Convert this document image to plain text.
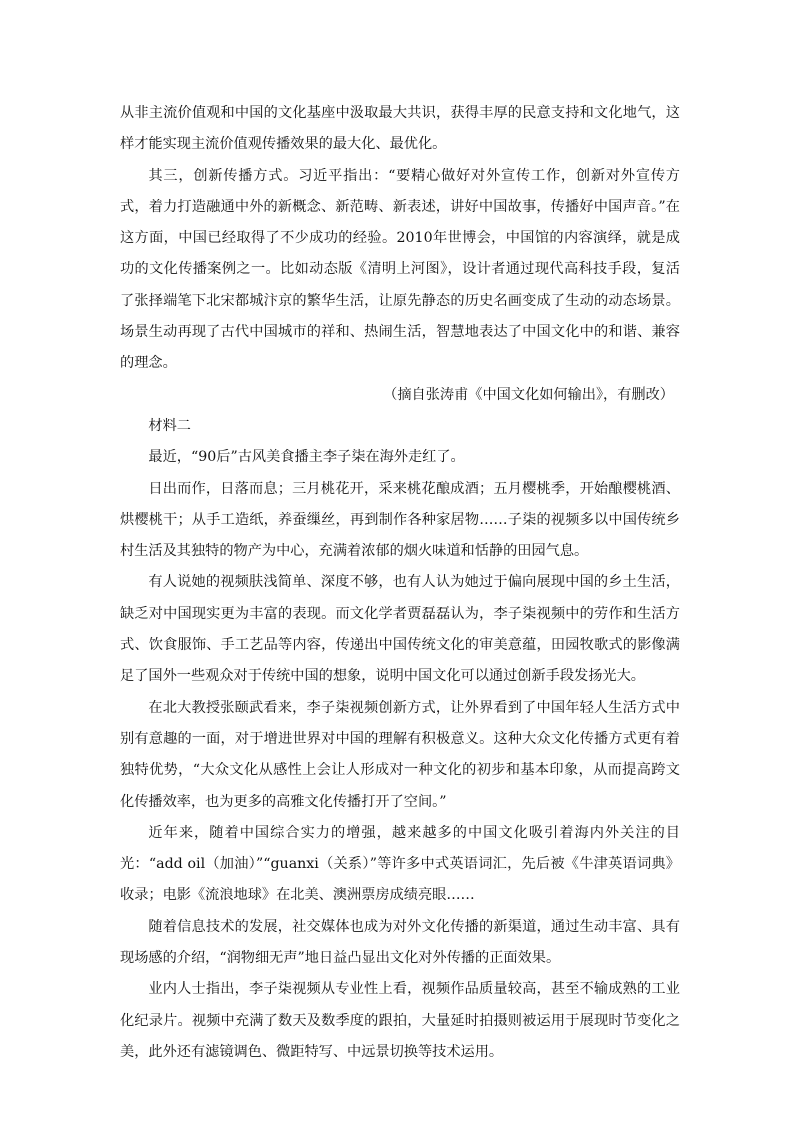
从非主流价值观和中国的文化基座中汲取最大共识，获得丰厚的民意支持和文化地气，这样才能实现主流价值观传播效果的最大化、最优化。

其三，创新传播方式。习近平指出：“要精心做好对外宣传工作，创新对外宣传方式，着力打造融通中外的新概念、新范畴、新表述，讲好中国故事，传播好中国声音。”在这方面，中国已经取得了不少成功的经验。2010年世博会，中国馆的内容演绎，就是成功的文化传播案例之一。比如动态版《清明上河图》，设计者通过现代高科技手段，复活了张择端笔下北宋都城汴京的繁华生活，让原先静态的历史名画变成了生动的动态场景。场景生动再现了古代中国城市的祥和、热闹生活，智慧地表达了中国文化中的和谐、兼容的理念。

（摘自张涛甫《中国文化如何输出》，有删改）

材料二

最近，“90后”古风美食播主李子柒在海外走红了。

日出而作，日落而息；三月桃花开，采来桃花酿成酒；五月樱桃季，开始酿樱桃酒、烘樱桃干；从手工造纸，养蚕缫丝，再到制作各种家居物……子柒的视频多以中国传统乡村生活及其独特的物产为中心，充满着浓郁的烟火味道和恬静的田园气息。

有人说她的视频肤浅简单、深度不够，也有人认为她过于偏向展现中国的乡土生活，缺乏对中国现实更为丰富的表现。而文化学者贾磊磊认为，李子柒视频中的劳作和生活方式、饮食服饰、手工艺品等内容，传递出中国传统文化的审美意蕴，田园牧歌式的影像满足了国外一些观众对于传统中国的想象，说明中国文化可以通过创新手段发扬光大。

在北大教授张颐武看来，李子柒视频创新方式，让外界看到了中国年轻人生活方式中别有意趣的一面，对于增进世界对中国的理解有积极意义。这种大众文化传播方式更有着独特优势，“大众文化从感性上会让人形成对一种文化的初步和基本印象，从而提高跨文化传播效率，也为更多的高雅文化传播打开了空间。”

近年来，随着中国综合实力的增强，越来越多的中国文化吸引着海内外关注的目光：“add oil（加油）”“guanxi（关系）”等许多中式英语词汇，先后被《牛津英语词典》收录；电影《流浪地球》在北美、澳洲票房成绩亮眼……

随着信息技术的发展，社交媒体也成为对外文化传播的新渠道，通过生动丰富、具有现场感的介绍，“润物细无声”地日益凸显出文化对外传播的正面效果。

业内人士指出，李子柒视频从专业性上看，视频作品质量较高，甚至不输成熟的工业化纪录片。视频中充满了数天及数季度的跟拍，大量延时拍摄则被运用于展现时节变化之美，此外还有滤镜调色、微距特写、中远景切换等技术运用。
